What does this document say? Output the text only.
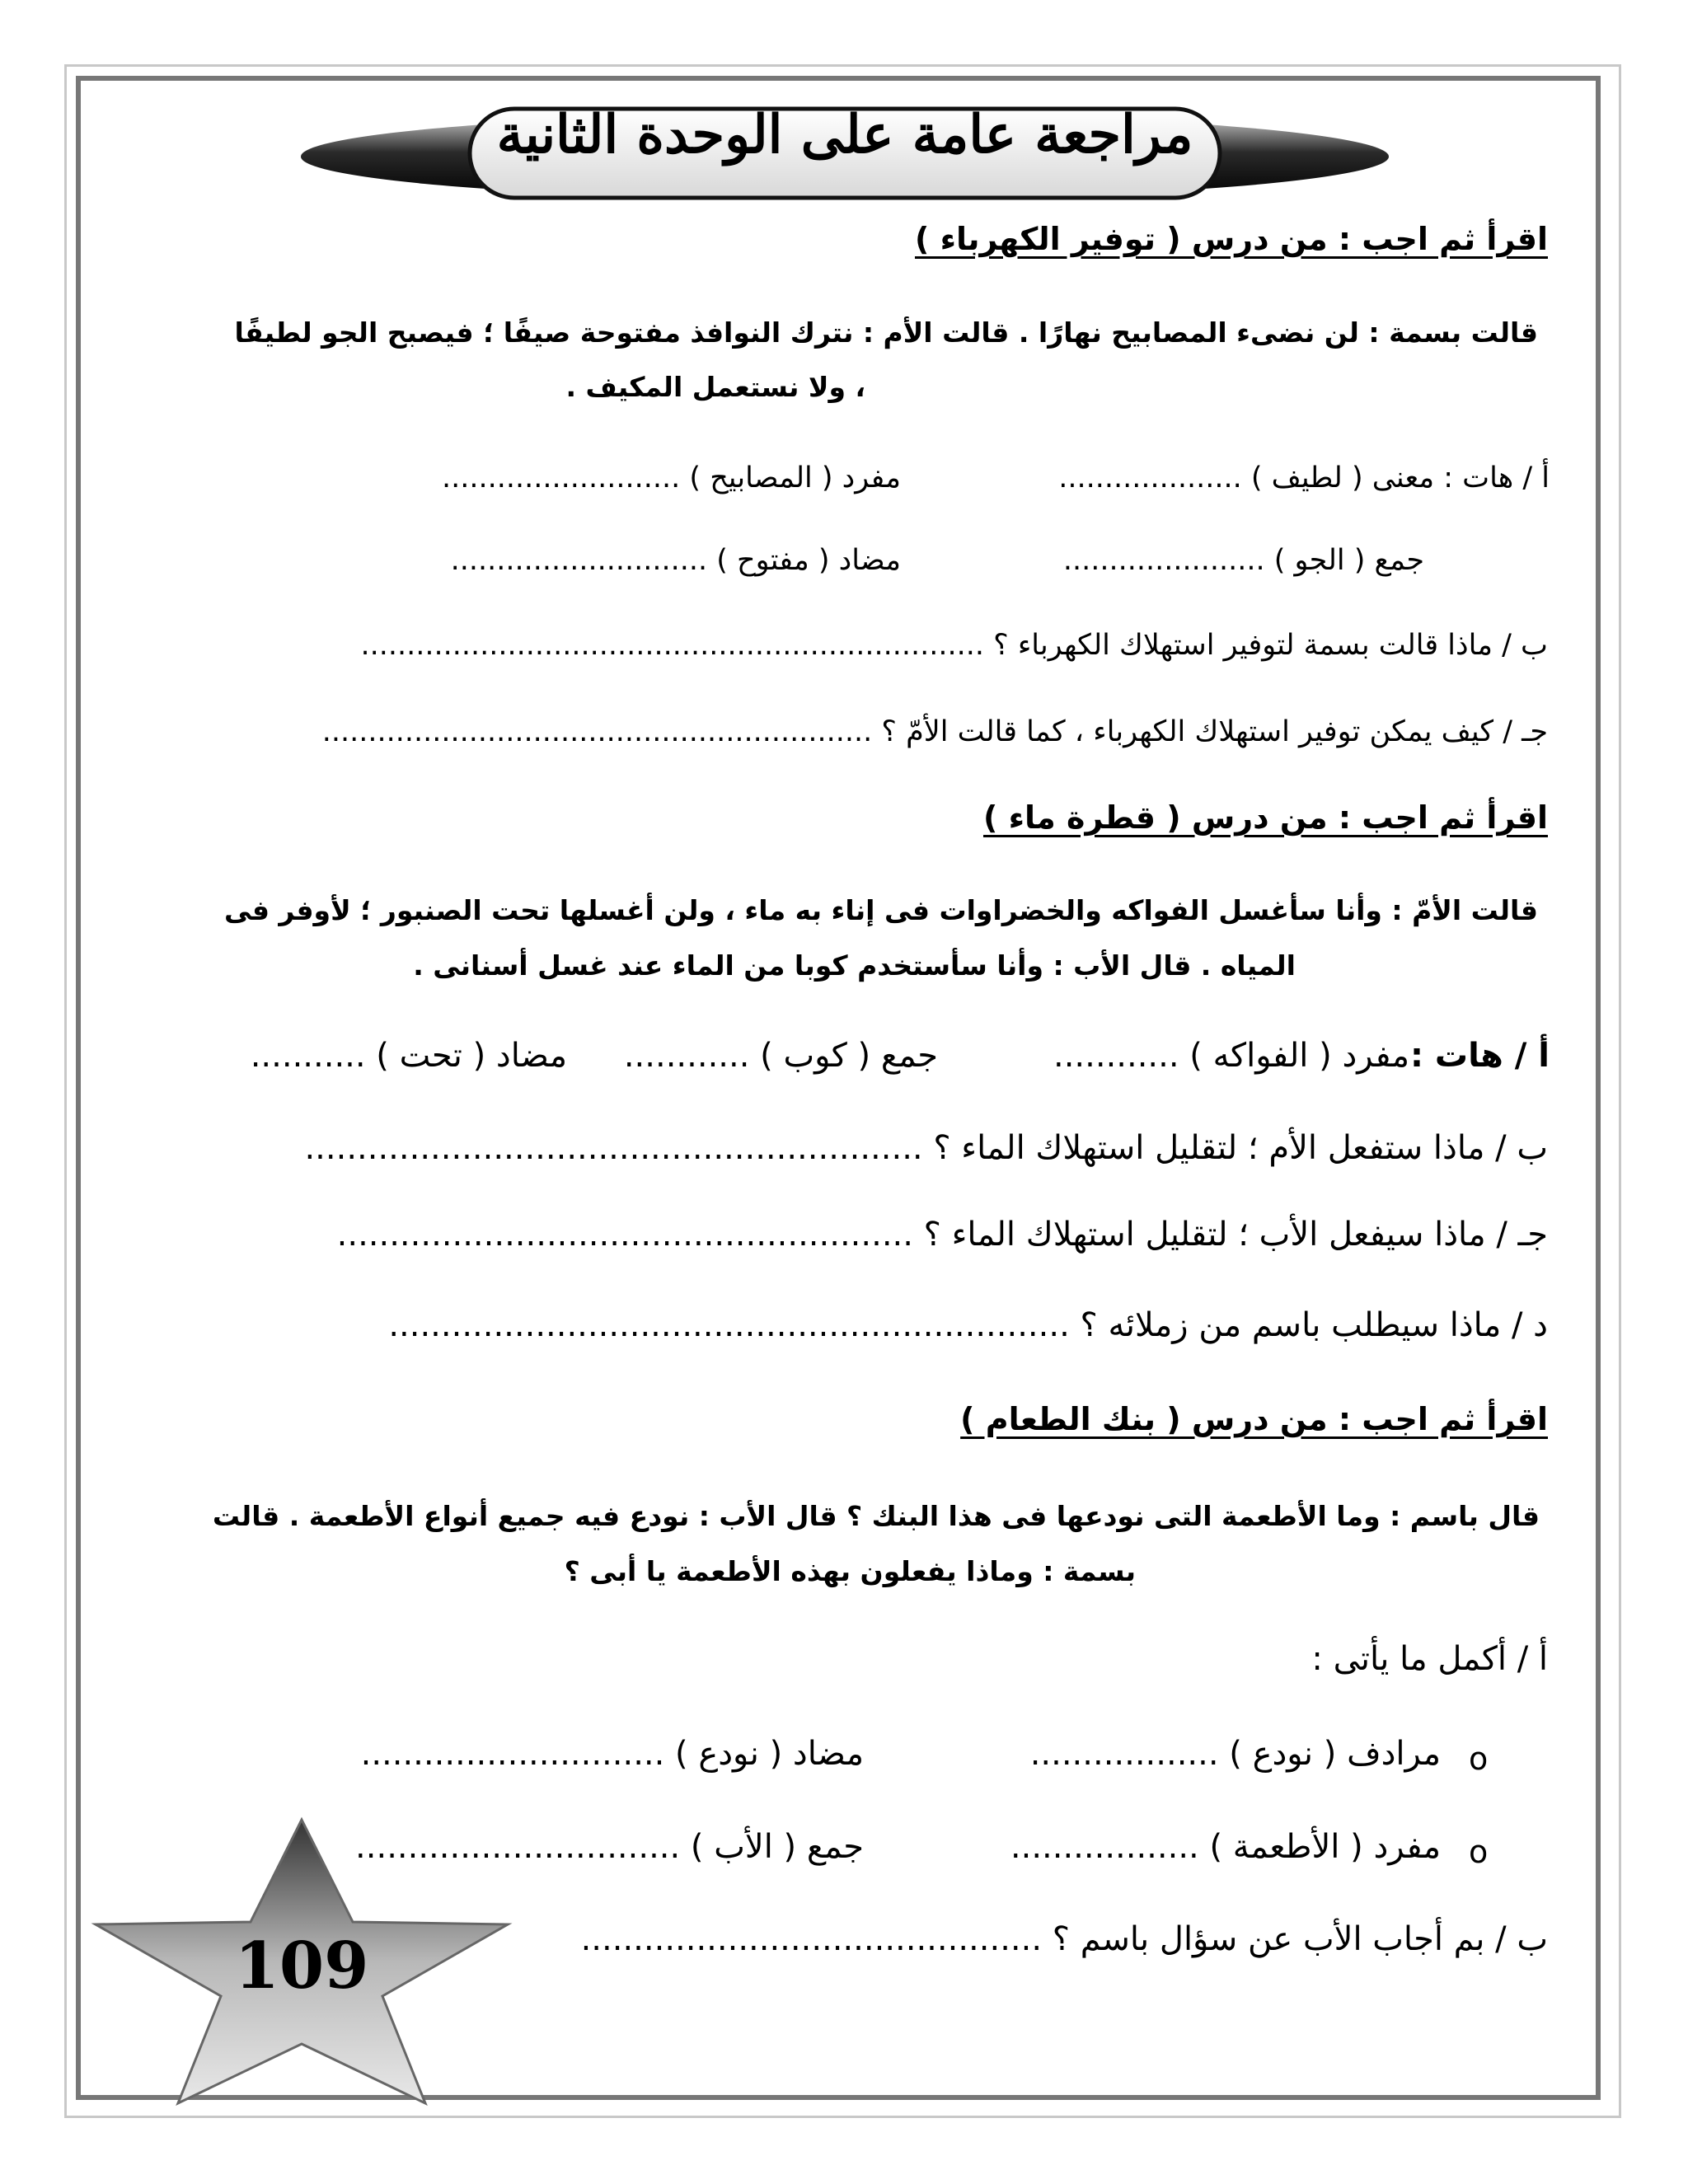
مراجعة عامة على الوحدة الثانية
اقرأ ثم اجب : من درس ( توفير الكهرباء )
قالت بسمة : لن نضىء المصابيح نهارًا . قالت الأم : نترك النوافذ مفتوحة صيفًا ؛ فيصبح الجو لطيفًا
، ولا نستعمل المكيف .
أ / هات : معنى ( لطيف ) ....................
مفرد ( المصابيح ) ..........................
جمع ( الجو ) ......................
مضاد ( مفتوح ) ............................
ب / ماذا قالت بسمة لتوفير استهلاك الكهرباء ؟ ....................................................................
جـ / كيف يمكن توفير استهلاك الكهرباء ، كما قالت الأمّ ؟ ............................................................
اقرأ ثم اجب : من درس ( قطرة ماء )
قالت الأمّ : وأنا سأغسل الفواكه والخضراوات فى إناء به ماء ، ولن أغسلها تحت الصنبور ؛ لأوفر فى
المياه . قال الأب : وأنا سأستخدم كوبا من الماء عند غسل أسنانى .
أ / هات :
مفرد ( الفواكه ) ............
جمع ( كوب ) ............
مضاد ( تحت ) ...........
ب / ماذا ستفعل الأم ؛ لتقليل استهلاك الماء ؟ ...........................................................
جـ / ماذا سيفعل الأب ؛ لتقليل استهلاك الماء ؟ .......................................................
د / ماذا سيطلب باسم من زملائه ؟ .................................................................
اقرأ ثم اجب : من درس ( بنك الطعام )
قال باسم : وما الأطعمة التى نودعها فى هذا البنك ؟ قال الأب : نودع فيه جميع أنواع الأطعمة . قالت
بسمة : وماذا يفعلون بهذه الأطعمة يا أبى ؟
أ / أكمل ما يأتى :
o
مرادف ( نودع ) ..................
مضاد ( نودع ) .............................
o
مفرد ( الأطعمة ) ..................
جمع ( الأب ) ...............................
ب / بم أجاب الأب عن سؤال باسم ؟ ............................................
109
